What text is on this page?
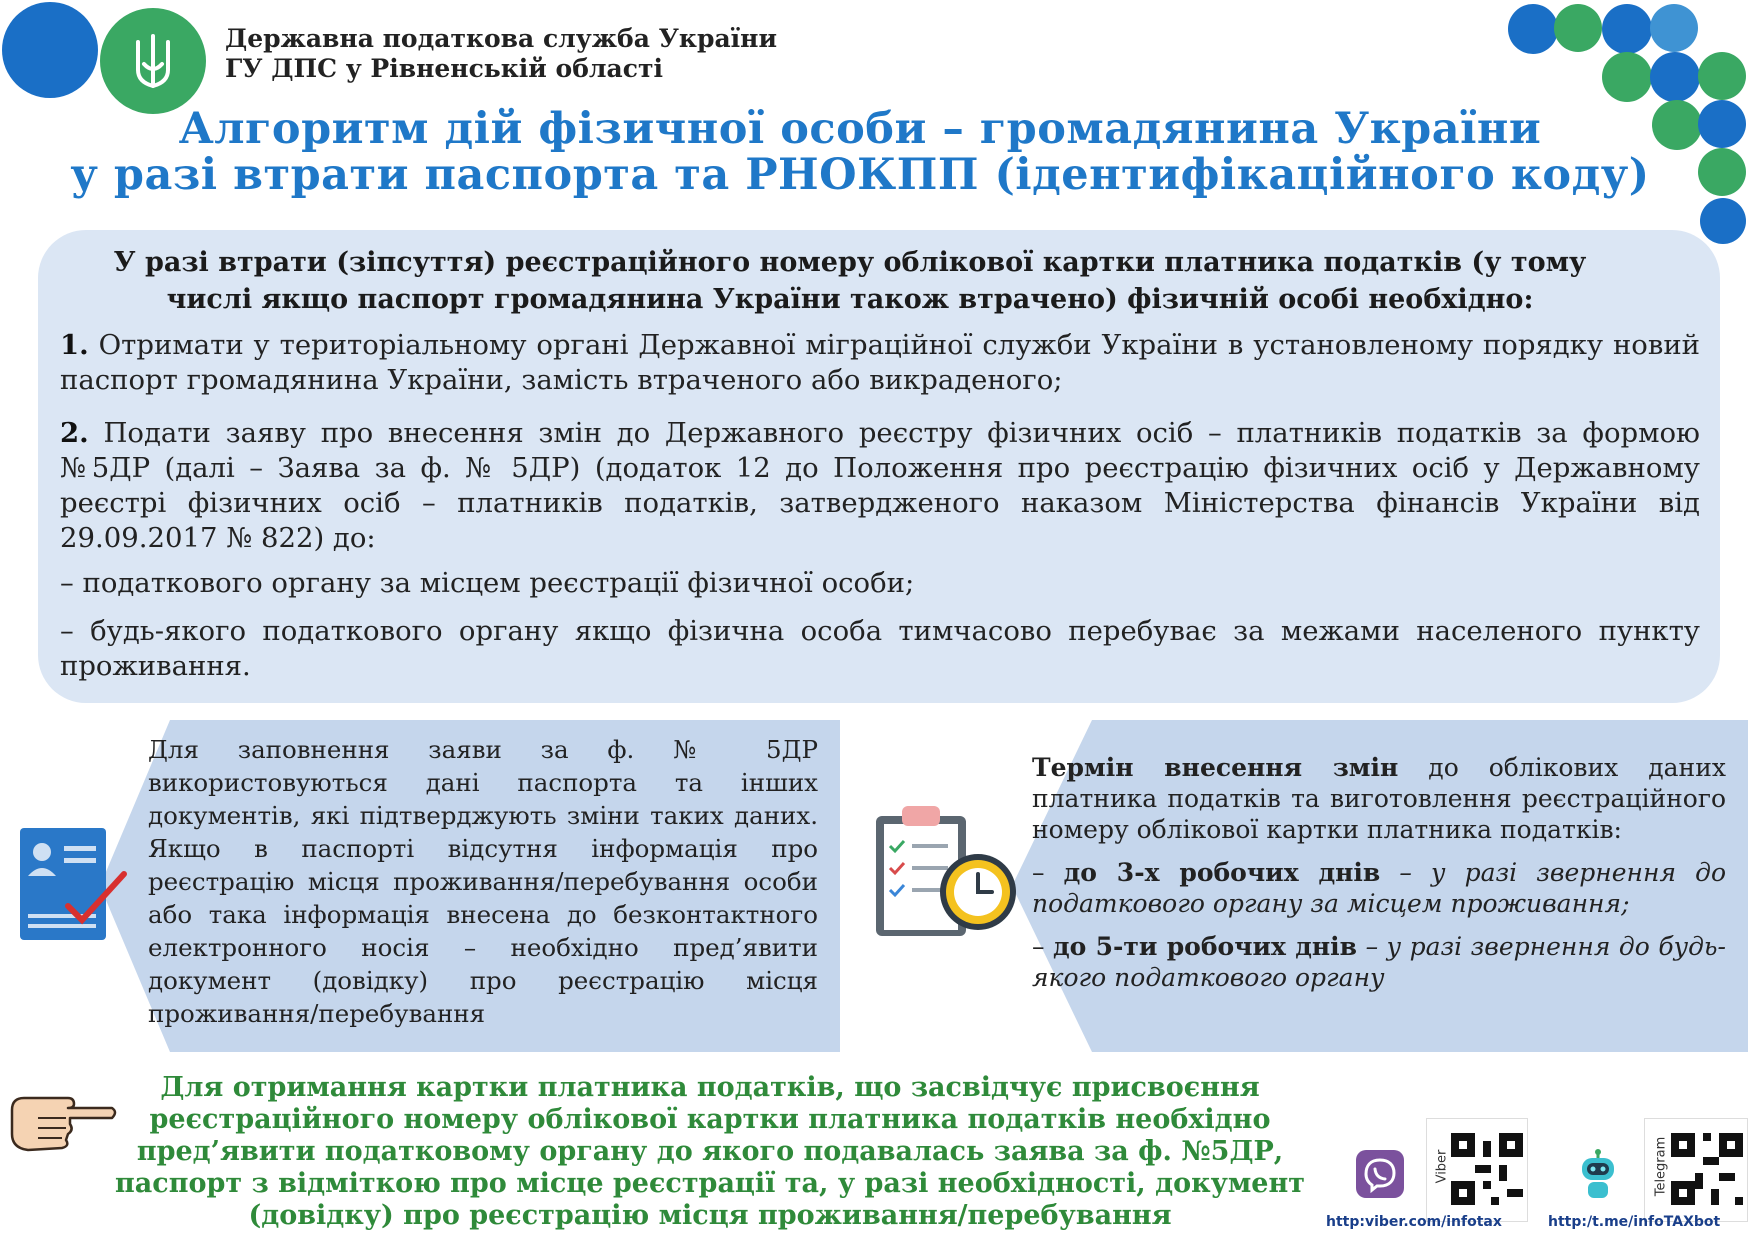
Державна податкова служба України
ГУ ДПС у Рівненській області
Алгоритм дій фізичної особи – громадянина України
у разі втрати паспорта та РНОКПП (ідентифікаційного коду)
У разі втрати (зіпсуття) реєстраційного номеру облікової картки платника податків (у тому числі якщо паспорт громадянина України також втрачено) фізичній особі необхідно:
1. Отримати у територіальному органі Державної міграційної служби України в установленому порядку новий паспорт громадянина України, замість втраченого або викраденого;
2. Подати заяву про внесення змін до Державного реєстру фізичних осіб – платників податків за формою №5ДР (далі – Заява за ф. № 5ДР) (додаток 12 до Положення про реєстрацію фізичних осіб у Державному реєстрі фізичних осіб – платників податків, затвердженого наказом Міністерства фінансів України від 29.09.2017 № 822) до:
– податкового органу за місцем реєстрації фізичної особи;
– будь-якого податкового органу якщо фізична особа тимчасово перебуває за межами населеного пункту проживання.
Для заповнення заяви за ф. № 5ДР використовуються дані паспорта та інших документів, які підтверджують зміни таких даних. Якщо в паспорті відсутня інформація про реєстрацію місця проживання/перебування особи або така інформація внесена до безконтактного електронного носія – необхідно пред’явити документ (довідку) про реєстрацію місця проживання/перебування

Термін внесення змін до облікових даних платника податків та виготовлення реєстраційного номеру облікової картки платника податків:

– до 3-х робочих днів – у разі звернення до податкового органу за місцем проживання;

– до 5-ти робочих днів – у разі звернення до будь-якого податкового органу

Для отримання картки платника податків, що засвідчує присвоєння реєстраційного номеру облікової картки платника податків необхідно пред’явити податковому органу до якого подавалась заява за ф. №5ДР, паспорт з відміткою про місце реєстрації та, у разі необхідності, документ (довідку) про реєстрацію місця проживання/перебування
Viber
http:viber.com/infotax
Telegram
http:/t.me/infoTAXbot
